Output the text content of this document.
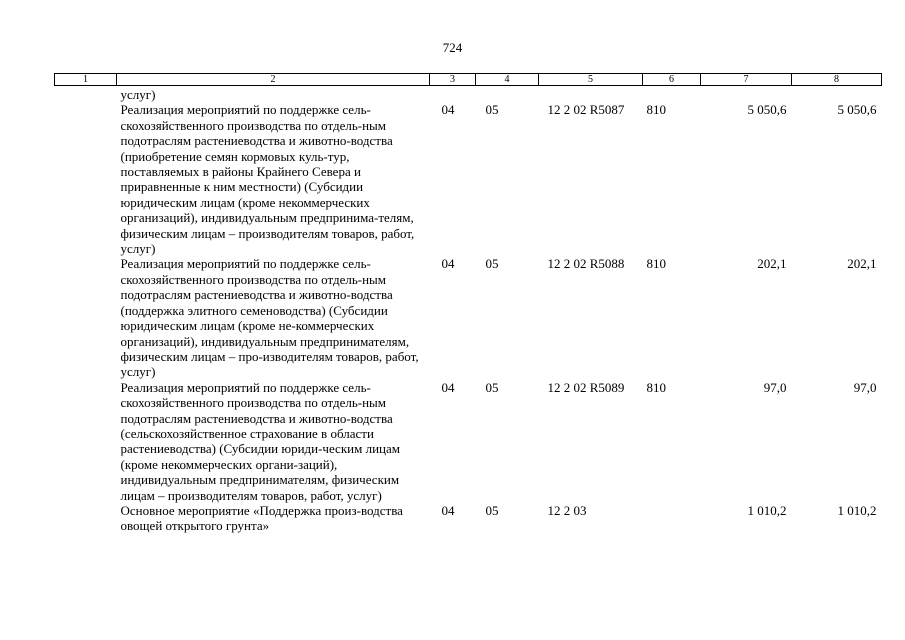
724
1	2	3	4	5	6	7	8
услуг)							
Реализация мероприятий по поддержке сель-скохозяйственного производства по отдель-ным подотраслям растениеводства и животно-водства (приобретение семян кормовых куль-тур, поставляемых в районы Крайнего Севера и приравненные к ним местности) (Субсидии юридическим лицам (кроме некоммерческих организаций), индивидуальным предпринима-телям, физическим лицам – производителям товаров, работ, услуг)		04	05	12 2 02 R5087	810	5 050,6	5 050,6
Реализация мероприятий по поддержке сель-скохозяйственного производства по отдель-ным подотраслям растениеводства и животно-водства (поддержка элитного семеноводства) (Субсидии юридическим лицам (кроме не-коммерческих организаций), индивидуальным предпринимателям, физическим лицам – про-изводителям товаров, работ, услуг)		04	05	12 2 02 R5088	810	202,1	202,1
Реализация мероприятий по поддержке сель-скохозяйственного производства по отдель-ным подотраслям растениеводства и животно-водства (сельскохозяйственное страхование в области растениеводства) (Субсидии юриди-ческим лицам (кроме некоммерческих органи-заций), индивидуальным предпринимателям, физическим лицам – производителям товаров, работ, услуг)		04	05	12 2 02 R5089	810	97,0	97,0
Основное мероприятие «Поддержка произ-водства овощей открытого грунта»		04	05	12 2 03		1 010,2	1 010,2
